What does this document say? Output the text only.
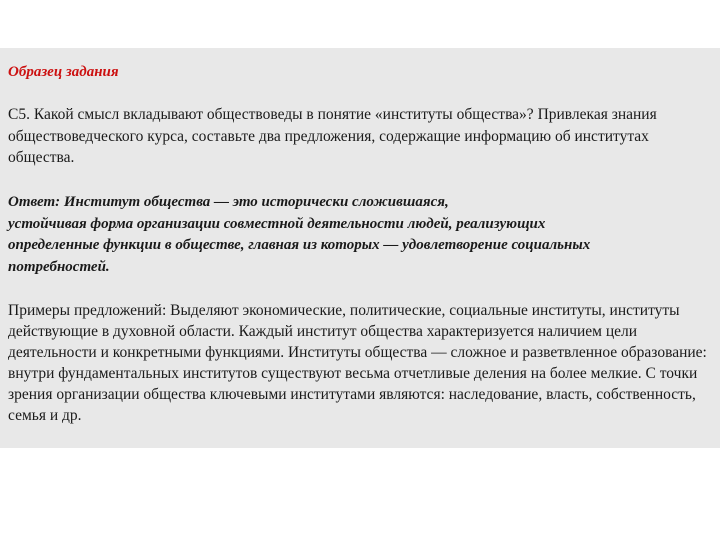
Образец задания
С5. Какой смысл вкладывают обществоведы в понятие «институты общества»? Привлекая знания обществоведческого курса, составьте два предложения, содержащие информацию об институтах общества.
Ответ: Институт общества — это исторически сложившаяся,
устойчивая форма организации совместной деятельности людей, реализующих
определенные функции в обществе, главная из которых — удовлетворение социальных
потребностей.
Примеры предложений: Выделяют экономические, политические, социальные институты, институты действующие в духовной области. Каждый институт общества характеризуется наличием цели деятельности и конкретными функциями. Институты общества — сложное и разветвленное образование: внутри фундаментальных институтов существуют весьма отчетливые деления на более мелкие. С точки зрения организации общества ключевыми институтами являются: наследование, власть, собственность, семья и др.
